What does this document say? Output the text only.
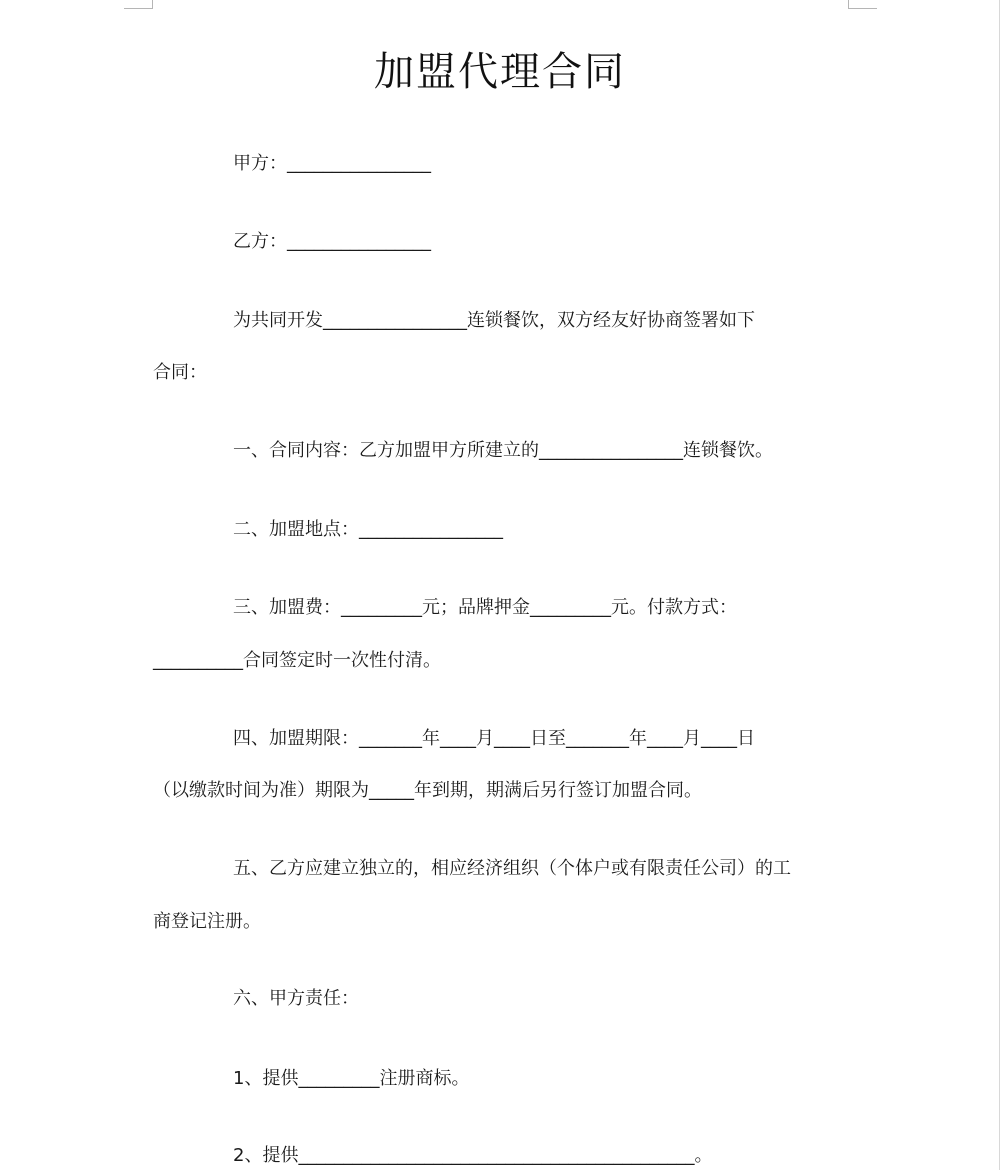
加盟代理合同
甲方：________________
乙方：________________
为共同开发________________连锁餐饮，双方经友好协商签署如下
合同：
一、合同内容：乙方加盟甲方所建立的________________连锁餐饮。
二、加盟地点：________________
三、加盟费：_________元；品牌押金_________元。付款方式：
__________合同签定时一次性付清。
四、加盟期限：_______年____月____日至_______年____月____日
（以缴款时间为准）期限为_____年到期，期满后另行签订加盟合同。
五、乙方应建立独立的，相应经济组织（个体户或有限责任公司）的工
商登记注册。
六、甲方责任：
1、提供_________注册商标。
2、提供____________________________________________。
